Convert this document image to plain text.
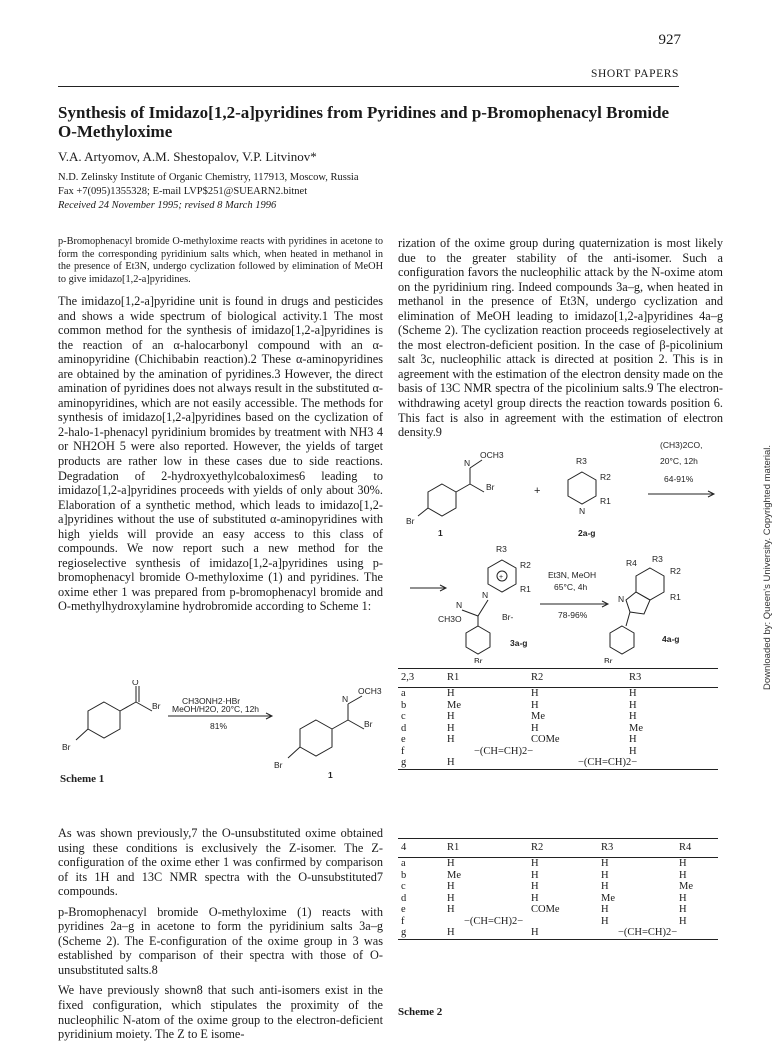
927
SHORT PAPERS
Synthesis of Imidazo[1,2-a]pyridines from Pyridines and p-Bromophenacyl Bromide O-Methyloxime
V.A. Artyomov, A.M. Shestopalov, V.P. Litvinov*
N.D. Zelinsky Institute of Organic Chemistry, 117913, Moscow, Russia
Fax +7(095)1355328; E-mail LVP$251@SUEARN2.bitnet
Received 24 November 1995; revised 8 March 1996

p-Bromophenacyl bromide O-methyloxime reacts with pyridines in acetone to form the corresponding pyridinium salts which, when heated in methanol in the presence of Et3N, undergo cyclization followed by elimination of MeOH to give imidazo[1,2-a]pyridines.

The imidazo[1,2-a]pyridine unit is found in drugs and pesticides and shows a wide spectrum of biological activity.1 The most common method for the synthesis of imidazo[1,2-a]pyridines is the reaction of an α-halocarbonyl compound with an α-aminopyridine (Chichibabin reaction).2 These α-aminopyridines are obtained by the amination of pyridines.3 However, the direct amination of pyridines does not always result in the substituted α-aminopyridines, which are not easily accessible. The methods for synthesis of imidazo[1,2-a]pyridines based on the cyclization of 2-halo-1-phenacyl pyridinium bromides by treatment with NH3 4 or NH2OH 5 were also reported. However, the yields of target products are rather low in these cases due to side reactions. Degradation of 2-hydroxyethylcobaloximes6 leading to imidazo[1,2-a]pyridines proceeds with yields of only about 30%. Elaboration of a synthetic method, which leads to imidazo[1,2-a]pyridines without the use of substituted α-aminopyridines with high yields will provide an easy access to this class of compounds. We now report such a new method for the regioselective synthesis of imidazo[1,2-a]pyridines using p-bromophenacyl bromide O-methyloxime (1) and pyridines. The oxime ether 1 was prepared from p-bromophenacyl bromide and O-methylhydroxylamine hydrobromide according to Scheme 1:

O
Br
Br
CH3ONH2·HBr
MeOH/H2O, 20°C, 12h
81%
N
OCH3
Br
Br
1
Scheme 1

As was shown previously,7 the O-unsubstituted oxime obtained using these conditions is exclusively the Z-isomer. The Z-configuration of the oxime ether 1 was confirmed by comparison of its 1H and 13C NMR spectra with the O-unsubstituted7 compounds.

p-Bromophenacyl bromide O-methyloxime (1) reacts with pyridines 2a–g in acetone to form the pyridinium salts 3a–g (Scheme 2). The E-configuration of the oxime group in 3 was established by comparison of their spectra with those of O-unsubstituted salts.8

We have previously shown8 that such anti-isomers exist in the fixed configuration, which stipulates the proximity of the nucleophilic N-atom of the oxime group to the electron-deficient pyridinium moiety. The Z to E isome-

rization of the oxime group during quaternization is most likely due to the greater stability of the anti-isomer. Such a configuration favors the nucleophilic attack by the N-oxime atom on the pyridinium ring. Indeed compounds 3a–g, when heated in methanol in the presence of Et3N, undergo cyclization and elimination of MeOH leading to imidazo[1,2-a]pyridines 4a–g (Scheme 2). The cyclization reaction proceeds regioselectively at the most electron-deficient position. In the case of β-picolinium salt 3c, nucleophilic attack is directed at position 2. This is in agreement with the estimation of the electron density made on the basis of 13C NMR spectra of the picolinium salts.9 The electron-withdrawing acetyl group directs the reaction towards position 6. This fact is also in agreement with the estimation of electron density.9

N
OCH3
Br
Br
1
+
R3
R2
R1
N
2a-g
(CH3)2CO,
20°C, 12h
64-91%
+
R3
R2
R1
N
N
CH3O	Br-
Br
3a-g
Et3N, MeOH
65°C, 4h
78-96%
R4 R3
R2
R1
N
Br
4a-g
2,3	R1	R2	R3
a	H	H	H
b	Me	H	H
c	H	Me	H
d	H	H	Me
e	H	COMe	H
f	−(CH=CH)2−		H
g	H	−(CH=CH)2−	
4	R1	R2	R3	R4
a	H	H	H	H
b	Me	H	H	H
c	H	H	H	Me
d	H	H	Me	H
e	H	COMe	H	H
f	−(CH=CH)2−		H	H
g	H	H	−(CH=CH)2−	
Scheme 2
Downloaded by: Queen's University. Copyrighted material.
